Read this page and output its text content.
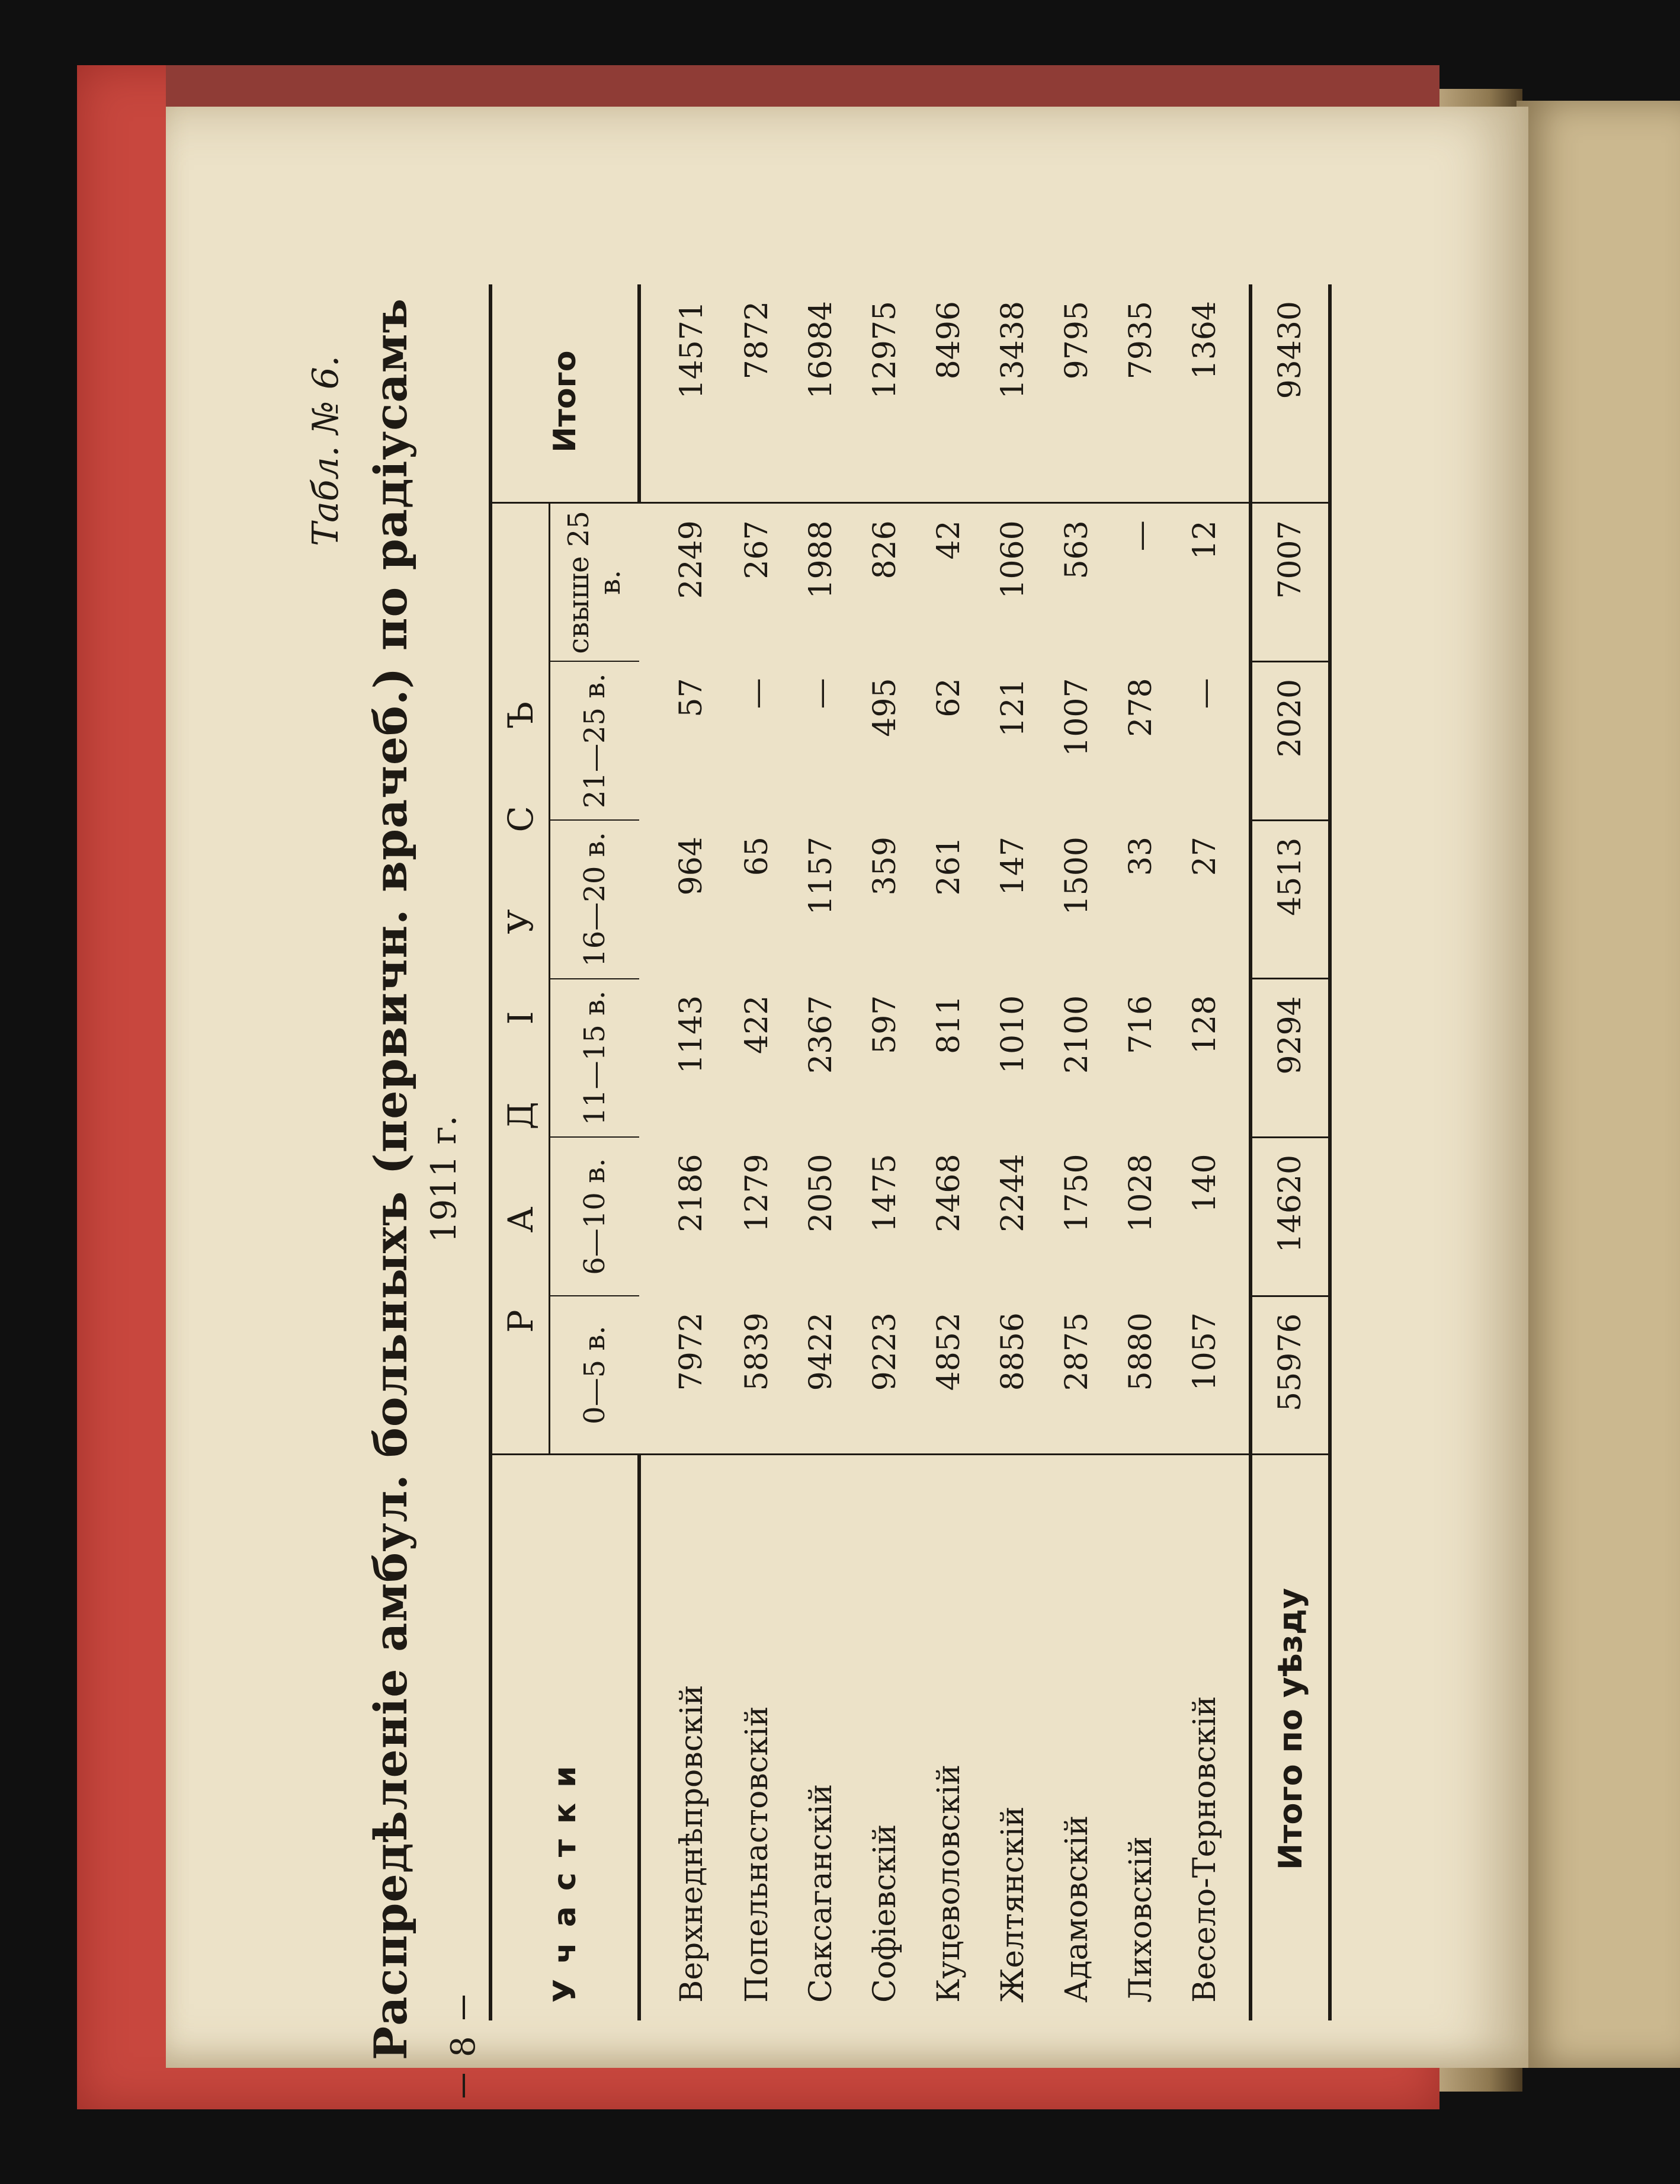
Табл. № 6. Распредѣленіе амбул. больныхъ (первичн. врачеб.) по радіусамъ 1911 г.
8
Участки	РАДІУСЪ						Итого
	0—5 в.	6—10 в.	11—15 в.	16—20 в.	21—25 в.	свыше 25 в.	
Верхнеднѣпровскій	7972	2186	1143	964	57	2249	14571
Попельнастовскій	5839	1279	422	65	—	267	7872
Саксаганскій	9422	2050	2367	1157	—	1988	16984
Софіевскій	9223	1475	597	359	495	826	12975
Куцеволовскій	4852	2468	811	261	62	42	8496
Желтянскій	8856	2244	1010	147	121	1060	13438
Адамовскій	2875	1750	2100	1500	1007	563	9795
Лиховскій	5880	1028	716	33	278	—	7935
Весело-Терновскій	1057	140	128	27	—	12	1364
Итого по уѣзду	55976	14620	9294	4513	2020	7007	93430
